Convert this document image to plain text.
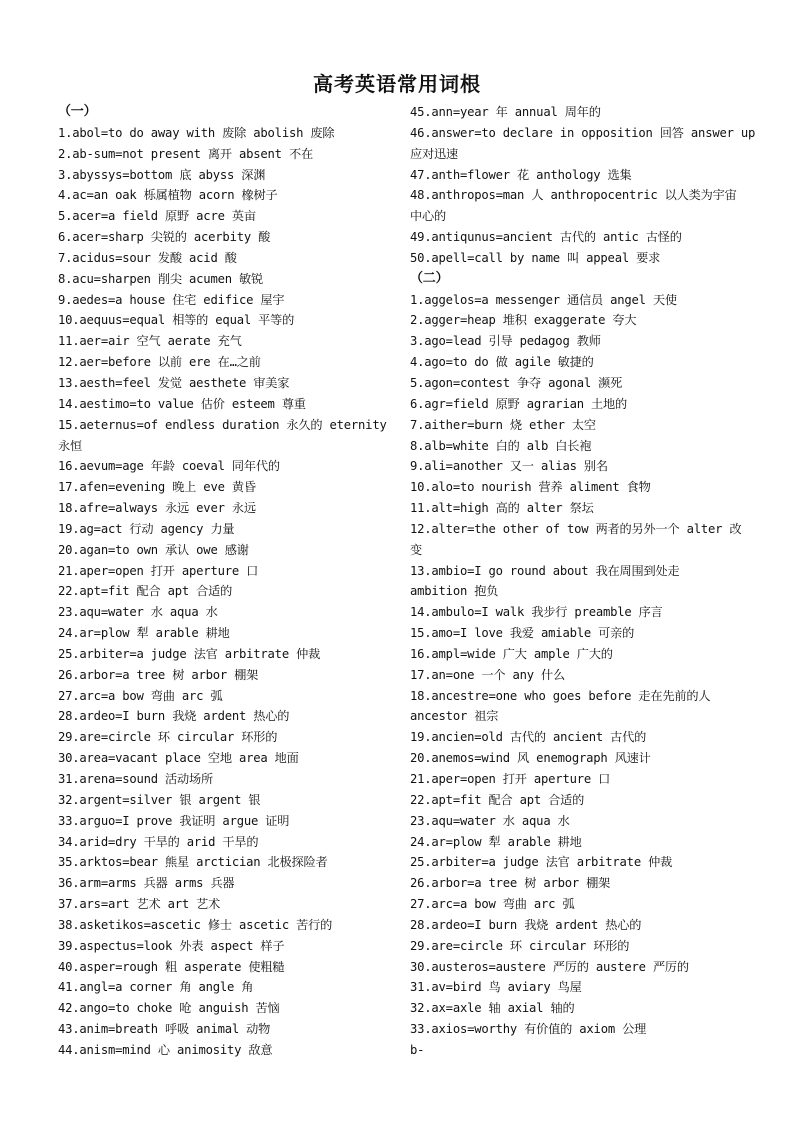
高考英语常用词根
（一）
1.abol=to do away with 废除 abolish 废除
2.ab-sum=not present 离开 absent 不在
3.abyssys=bottom 底 abyss 深渊
4.ac=an oak 栎属植物 acorn 橡树子
5.acer=a field 原野 acre 英亩
6.acer=sharp 尖锐的 acerbity 酸
7.acidus=sour 发酸 acid 酸
8.acu=sharpen 削尖 acumen 敏锐
9.aedes=a house 住宅 edifice 屋宇
10.aequus=equal 相等的 equal 平等的
11.aer=air 空气 aerate 充气
12.aer=before 以前 ere 在…之前
13.aesth=feel 发觉 aesthete 审美家
14.aestimo=to value 估价 esteem 尊重
15.aeternus=of endless duration 永久的 eternity
永恒
16.aevum=age 年龄 coeval 同年代的
17.afen=evening 晚上 eve 黄昏
18.afre=always 永远 ever 永远
19.ag=act 行动 agency 力量
20.agan=to own 承认 owe 感谢
21.aper=open 打开 aperture 口
22.apt=fit 配合 apt 合适的
23.aqu=water 水 aqua 水
24.ar=plow 犁 arable 耕地
25.arbiter=a judge 法官 arbitrate 仲裁
26.arbor=a tree 树 arbor 棚架
27.arc=a bow 弯曲 arc 弧
28.ardeo=I burn 我烧 ardent 热心的
29.are=circle 环 circular 环形的
30.area=vacant place 空地 area 地面
31.arena=sound 活动场所
32.argent=silver 银 argent 银
33.arguo=I prove 我证明 argue 证明
34.arid=dry 干旱的 arid 干旱的
35.arktos=bear 熊星 arctician 北极探险者
36.arm=arms 兵器 arms 兵器
37.ars=art 艺术 art 艺术
38.asketikos=ascetic 修士 ascetic 苦行的
39.aspectus=look 外表 aspect 样子
40.asper=rough 粗 asperate 使粗糙
41.angl=a corner 角 angle 角
42.ango=to choke 呛 anguish 苦恼
43.anim=breath 呼吸 animal 动物
44.anism=mind 心 animosity 敌意
45.ann=year 年 annual 周年的
46.answer=to declare in opposition 回答 answer up
应对迅速
47.anth=flower 花 anthology 选集
48.anthropos=man 人 anthropocentric 以人类为宇宙
中心的
49.antiqunus=ancient 古代的 antic 古怪的
50.apell=call by name 叫 appeal 要求
（二）
1.aggelos=a messenger 通信员 angel 天使
2.agger=heap 堆积 exaggerate 夸大
3.ago=lead 引导 pedagog 教师
4.ago=to do 做 agile 敏捷的
5.agon=contest 争夺 agonal 濒死
6.agr=field 原野 agrarian 土地的
7.aither=burn 烧 ether 太空
8.alb=white 白的 alb 白长袍
9.ali=another 又一 alias 别名
10.alo=to nourish 营养 aliment 食物
11.alt=high 高的 alter 祭坛
12.alter=the other of tow 两者的另外一个 alter 改
变
13.ambio=I go round about 我在周围到处走
ambition 抱负
14.ambulo=I walk 我步行 preamble 序言
15.amo=I love 我爱 amiable 可亲的
16.ampl=wide 广大 ample 广大的
17.an=one 一个 any 什么
18.ancestre=one who goes before 走在先前的人
ancestor 祖宗
19.ancien=old 古代的 ancient 古代的
20.anemos=wind 风 enemograph 风速计
21.aper=open 打开 aperture 口
22.apt=fit 配合 apt 合适的
23.aqu=water 水 aqua 水
24.ar=plow 犁 arable 耕地
25.arbiter=a judge 法官 arbitrate 仲裁
26.arbor=a tree 树 arbor 棚架
27.arc=a bow 弯曲 arc 弧
28.ardeo=I burn 我烧 ardent 热心的
29.are=circle 环 circular 环形的
30.austeros=austere 严厉的 austere 严厉的
31.av=bird 鸟 aviary 鸟屋
32.ax=axle 轴 axial 轴的
33.axios=worthy 有价值的 axiom 公理
b-
